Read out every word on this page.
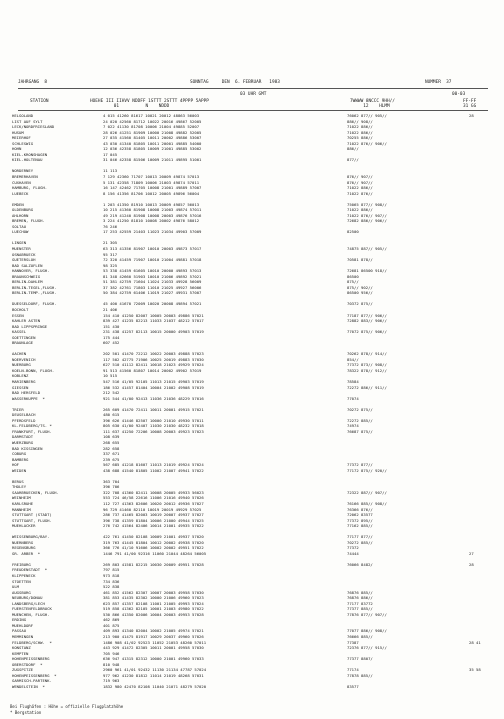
JAHRGANG  8	SONNTAG     DEN  6. FEBRUAR   1983	NUMMER  37
03 UHR GMT	00-03
STATION	HOEHE III IIHVV NDDFF 1STTT 2STTT 4PPPP 5APPP
01          N    NDDD
7WWWW 8NCCC 9HH//
12    HLMM
FF-FF
31 GG
HELGOLAND	4 015 41260 81617 10021 20012 48863 56003	76062 877// 905//	28
LIST AUF SYLT	24 020 42560 81712 10022 20016 49867 52005	886// 908//
LECK/NORDFRIESLAND	7 022 41130 81708 10006 21004 49885 52007	71022 886//
HUSUM	28 026 41251 81909 10000 21008 49882 52005	71022 886//
MEIERHOF	27 035 41560 81405 10011 20002 49886 53007	70255 886//
SCHLESWIG	43 030 41340 81805 10011 20001 49885 54000	71022 876// 906//
HOHN	12 036 42358 81805 10009 21001 49885 53002	886//
KIEL-KRONSHAGEN	17 045
KIEL-HOLTENAU	31 046 42358 81506 10009 21011 49895 51001	877//
NORDERNEY	11 113
BREMERHAVEN	7 129 42360 71707 10013 20009 49874 57013	876// 907//
CUXHAVEN	5 131 42358 71809 10006 21003 49874 57011	876// 907//
HAMBURG, FLUGH.	16 147 42462 71705 10008 21001 49889 57007	71022 886//
LUEBECK	8 156 41356 81706 10012 20005 49896 56004	71022 876//
EMDEN	1 203 41350 81910 10013 20009 49857 56013	75065 877// 908//
OLDENBURG	10 215 41360 81908 10008 21003 49874 57011	71022 886//
AHLHORN	49 219 41240 81908 10008 20003 49876 57016	71022 876// 907//
BREMEN, FLUGH.	3 224 41250 81810 10008 20002 49876 58012	72682 886// 906//
SOLTAU	76 246
LUECHOW	17 253 42559 21403 11023 21034 49903 57009	82500
LINGEN	21 305
MUENSTER	63 313 41356 81907 10010 20003 49873 57017	74875 887// 905//
OSNABRUECK	95 317
GUETERSLOH	72 320 41459 71907 10010 21004 49881 57018	70581 878//
BAD SALZUFLEN	98 325
HANNOVER, FLUGH.	53 338 41459 61605 10010 20000 49893 57013	72681 86500 918//
BRAUNSCHWEIG	81 348 42660 51903 10010 21006 49892 57021	86500
BERLIN-DAHLEM	51 381 42759 71604 11024 21033 49928 56009	875//
BERLIN-TEGEL,FLUGH.	37 382 42761 71803 11010 21025 49927 56006	875// 902//
BERLIN-TEMP.,FLUGH.	50 384 42759 61406 11019 21027 49931 57007	86500 956//
DUESSELDORF, FLUGH.	45 400 41670 72009 10020 20008 49894 57021	70372 875//
BOCHOLT	21 406
ESSEN	154 410 41250 82007 10005 20003 49886 57021	77187 877// 906//
KAHLER ASTEN	839 427 41235 82213 11033 21037 48212 57017	72882 883// 906//
BAD LIPPSPRINGE	151 430
KASSEL	231 438 41257 82113 10015 20000 49903 57019	77072 875// 906//
GOETTINGEN	175 444
BRAUNLAGE	607 452
AACHEN	202 501 41470 72212 10022 20003 49888 57023	70262 878// 914//
NOERVENICH	117 502 42775 71906 10025 20019 49883 57030	854//
NUERBURG	627 510 41112 82411 10018 21023 49929 57024	77372 873// 908//
KOELN-BONN, FLUGH.	91 513 41560 81807 10014 20002 49902 57019	78322 878// 912//
KOBLENZ	10 515
MARIENBERG	547 516 41/05 92105 11013 21015 49903 57019	78584
GIESSEN	186 532 41457 81404 10004 21002 49908 57019	72272 886// 911//
BAD HERSFELD	212 542
WASSERKUPPE  *	921 544 41/00 92413 11036 21036 48229 57016	77074
TRIER	265 609 41470 72411 10011 20001 49915 57021	70272 875//
DEUSELBACH	480 615
PFERDSFELD	396 626 41446 82507 10000 21010 49930 57011	72272 885//
KL.FELDBERG/TS. *	805 630 41/00 92407 11030 21030 48232 57018	74974
FRANKFURT, FLUGH.	111 637 41250 72206 10008 20003 49923 57023	76687 875//
DARMSTADT	108 639
WUERZBURG	268 655
BAD KISSINGEN	282 658
COBURG	337 671
BAMBERG	239 675
HOF	567 685 41218 81607 11013 21019 49924 57024	77372 877//
WEIDEN	438 688 41540 81805 11002 21007 49941 57022	77172 875// 920//
BERUS	363 704
THOLEY	396 706
SAARBRUECKEN, FLUGH.	322 708 41360 82411 10008 20005 49933 56023	72322 887// 907//
WEINHEIM	553 724 46/58 22616 11006 21016 49940 57026
KARLSRUHE	112 727 41363 82606 10020 20012 49936 57027	76166 885// 908//
MANNHEIM	96 729 41460 82110 10019 20019 49929 57025	76366 876//
STUTTGART (STADT)	286 737 41465 82003 10019 20007 49937 57027	72062 83577
STUTTGART, FLUGH.	396 738 41359 81804 10006 21000 49944 57025	77372 895//
MUEHLACKER	276 742 41564 82406 10014 21001 49935 57022	77162 885//
WEISSENBURG/BAY.	422 761 41450 82108 10009 21001 49937 57020	77177 877//
NUERNBERG	319 763 41445 81804 10012 20002 49938 57020	70272 885//
REGENSBURG	366 776 41/10 91606 10002 20002 49951 57022	77372
GR. ARBER  *	1446 791 41/00 92316 11060 21044 48264 56005	74444	27
FREIBURG	269 803 41581 82215 10030 20009 49951 57028	76066 8482/	28
FREUDENSTADT  *	797 815
KLIPPENECK	973 818
STOETTEN	734 836
ULM	522 838
AUGSBURG	461 852 41562 82307 10007 20003 49958 57030	76876 885//
NEUBURG/DONAU	381 853 41435 82302 10000 21006 49960 57023	76876 886//
LANDSBERG/LECH	623 857 41357 82108 11001 21005 49993 57024	77177 83772
FUERSTENFELDBRUCK	519 858 41362 82105 10001 21003 49980 57022	77377 885//
MUENCHEN, FLUGH.	530 866 41350 82006 10004 20003 49953 57028	77876 877// 907//
ERDING	462 869
MUEHLDORF	401 875
PASSAU	409 893 41340 82004 10002 21005 49974 57021	77077 886// 908//
MEMMINGEN	213 900 41475 81917 10029 20037 49960 57026	76666 885//
FELDBERG/SCHW.  *	1486 908 41/02 92523 11052 21053 48260 57011	77387	28 41
KONSTANZ	443 929 41472 82305 10011 20001 49958 57030	72376 877// 915//
KEMPTEN	705 946
HOHENPEISSENBERG	636 947 41315 82312 10000 21001 49960 57033	77377 8807/
OBERSTDORF  *	810 948
ZUGSPITZE	2960 961 41/01 92432 11130 21134 47787 57024	77174	35 58
HOHENPEISSENBERG  *	977 962 41230 81812 11014 21019 48268 57031	77878 885//
GARMISCH-PARTENK.	719 963
WENDELSTEIN  *	1832 980 42470 82108 11040 21071 48279 57020	83577
Bei Flughäfen : Höhe = offizielle Flugplatzhöhe
* Bergstation
